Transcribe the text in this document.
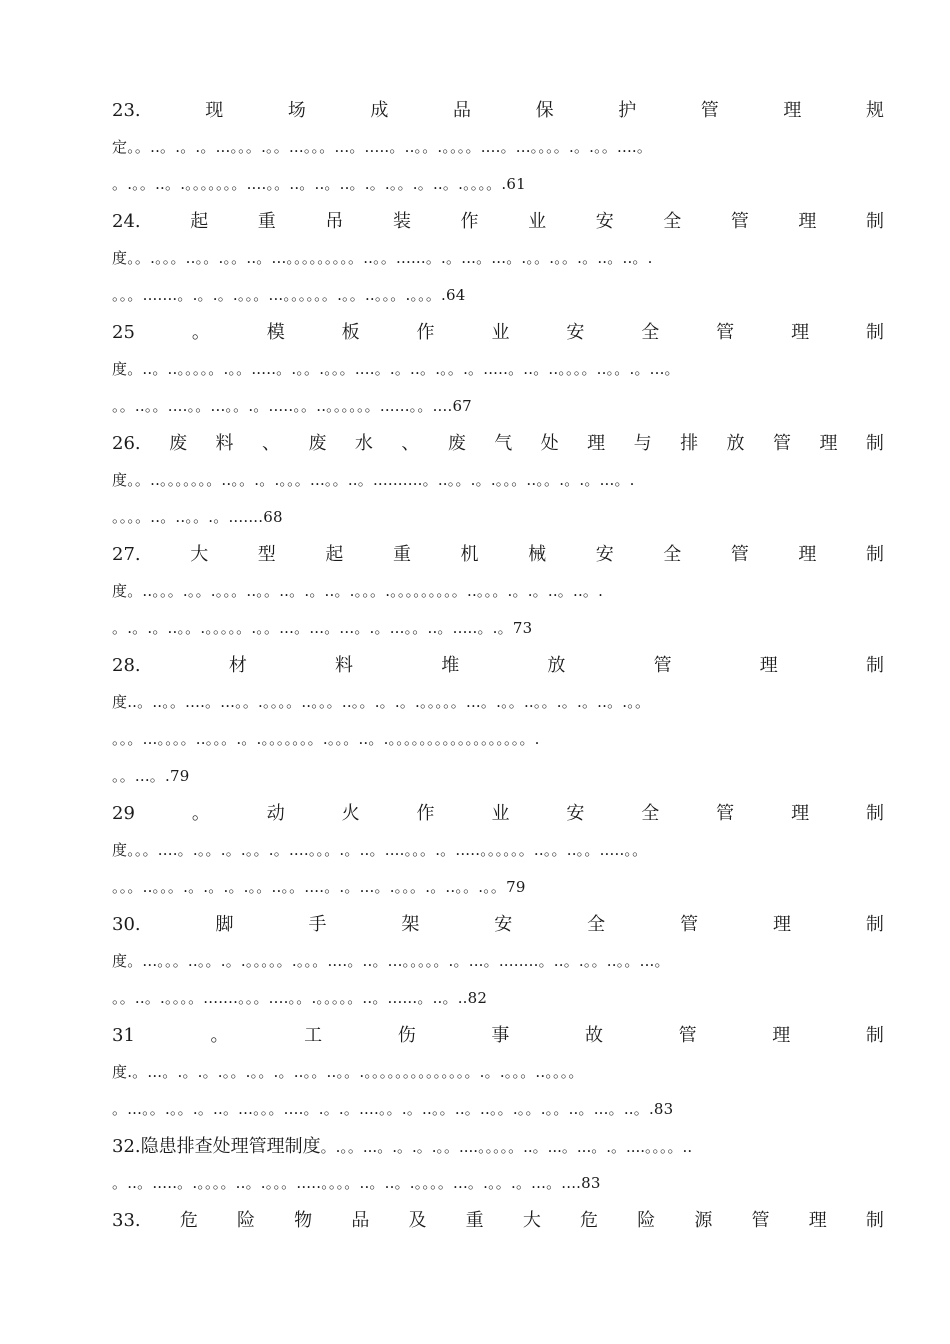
23.	现	场	成	品	保	护	管	理	规
定。。..。.。.。...。。。.。。...。。。...。.....。..。。.。。。。....。...。。。。.。.。。....。
。.。。..。.。。。。。。。....。。..。..。..。.。.。。.。..。.。。。。.61
24.	起	重	吊	装	作	业	安	全	管	理	制
度。。.。。。..。。.。。..。...。。。。。。。。。..。。......。.。...。...。.。。.。。.。..。..。.
。。。.......。.。.。.。。。...。。。。。。.。。..。。。.。。。.64
25	。	模	板	作	业	安	全	管	理	制
度。..。..。。。。。.。。.....。.。。.。。。....。.。..。.。。.。.....。..。..。。。。..。。.。...。
。。..。。....。。...。。.。.....。。..。。。。。。......。。....67
26. 废 料 、 废 水 、 废 气 处 理 与 排 放 管 理 制
度。。..。。。。。。。..。。.。.。。。...。。..。..........。..。。.。.。。。..。。.。.。...。.
。。。。..。..。。.。.......68
27.	大	型	起	重	机	械	安	全	管	理	制
度。..。。。.。。.。。。..。。..。.。..。.。。。.。。。。。。。。。..。。。.。.。..。..。.
。.。.。..。。.。。。。。.。。...。...。...。.。...。。..。.....。.。73
28.	材	料	堆	放	管	理	制
度..。..。。....。...。。.。。。。..。。。..。。.。.。.。。。。。...。.。。..。。.。.。..。.。。
。。。...。。。。..。。。.。.。。。。。。。.。。。..。.。。。。。。。。。。。。。。。。。。.
。。...。.79
29	。	动	火	作	业	安	全	管	理	制
度。。。....。.。。.。.。。.。....。。。.。..。....。。。.。.....。。。。。。..。。..。。.....。。
。。。..。。。.。.。.。.。。..。。....。.。...。.。。。.。..。。.。。79
30.	脚	手	架	安	全	管	理	制
度。...。。。..。。.。.。。。。。.。。。....。..。...。。。。。.。...。........。..。.。。..。。...。
。。..。.。。。。.......。。。....。。.。。。。。..。......。..。..82
31	。	工	伤	事	故	管	理	制
度.。...。.。.。.。。.。。.。..。。..。。.。。。。。。。。。。。。。。.。.。。。..。。。。
。...。。.。。.。..。...。。。....。.。.。....。。.。..。。..。..。。.。。.。。..。...。..。.83
32.隐患排查处理管理制度。.。。...。.。.。.。。....。。。。。..。...。...。.。....。。。。..
。..。.....。.。。。。..。.。。。.....。。。。..。..。.。。。。...。.。。.。...。....83
33. 危 险 物 品 及 重 大 危 险 源 管 理 制
